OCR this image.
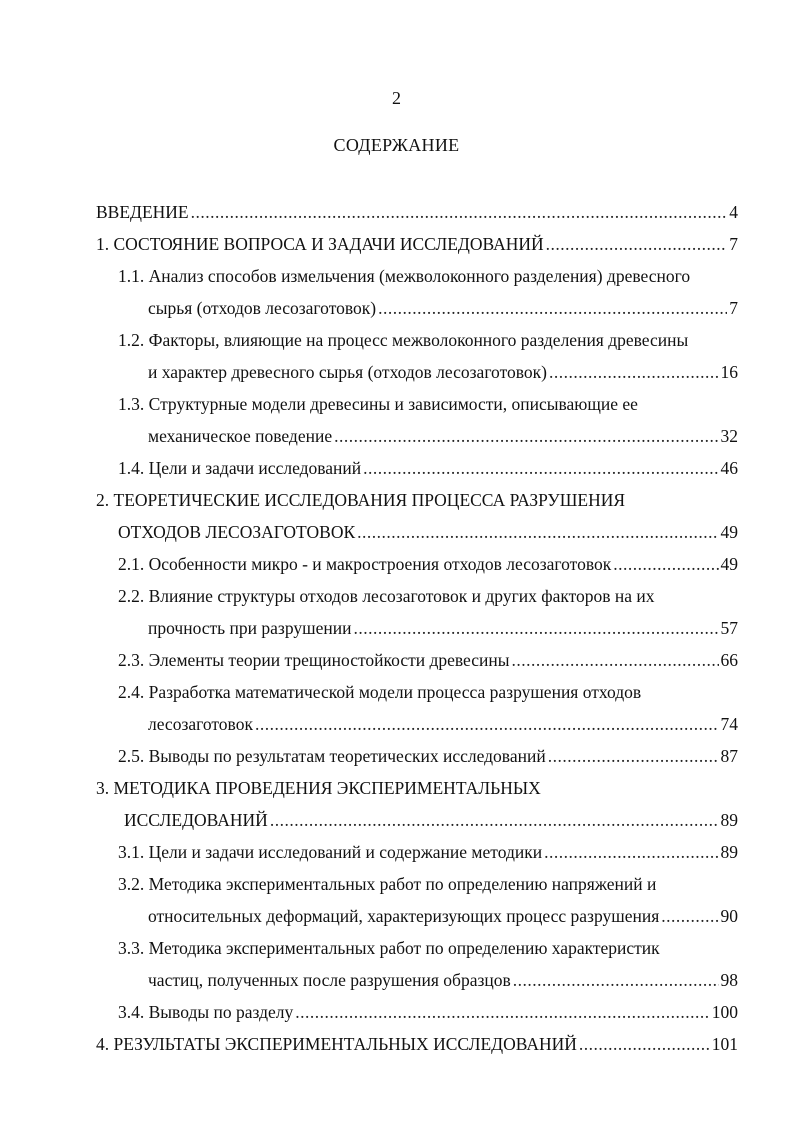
2
СОДЕРЖАНИЕ
ВВЕДЕНИЕ .....	4
1. СОСТОЯНИЕ ВОПРОСА И ЗАДАЧИ ИССЛЕДОВАНИЙ .....	7
1.1. Анализ способов измельчения (межволоконного разделения) древесного
сырья (отходов лесозаготовок) .....	7
1.2. Факторы, влияющие на процесс межволоконного разделения древесины
и характер древесного сырья (отходов лесозаготовок) .....	16
1.3. Структурные модели древесины и зависимости, описывающие ее
механическое поведение .....	32
1.4. Цели и задачи исследований .....	46
2. ТЕОРЕТИЧЕСКИЕ ИССЛЕДОВАНИЯ ПРОЦЕССА РАЗРУШЕНИЯ
ОТХОДОВ ЛЕСОЗАГОТОВОК .....	49
2.1. Особенности микро - и макростроения отходов лесозаготовок .....	49
2.2. Влияние структуры отходов лесозаготовок и других факторов на их
прочность при разрушении .....	57
2.3. Элементы теории трещиностойкости древесины .....	66
2.4. Разработка математической модели процесса разрушения отходов
лесозаготовок .....	74
2.5. Выводы по результатам теоретических исследований .....	87
3. МЕТОДИКА ПРОВЕДЕНИЯ ЭКСПЕРИМЕНТАЛЬНЫХ
ИССЛЕДОВАНИЙ .....	89
3.1. Цели и задачи исследований и содержание методики .....	89
3.2. Методика экспериментальных работ по определению напряжений и
относительных деформаций, характеризующих процесс разрушения .....	90
3.3. Методика экспериментальных работ по определению характеристик
частиц, полученных после разрушения образцов .....	98
3.4. Выводы по разделу .....	100
4. РЕЗУЛЬТАТЫ ЭКСПЕРИМЕНТАЛЬНЫХ ИССЛЕДОВАНИЙ .....	101
